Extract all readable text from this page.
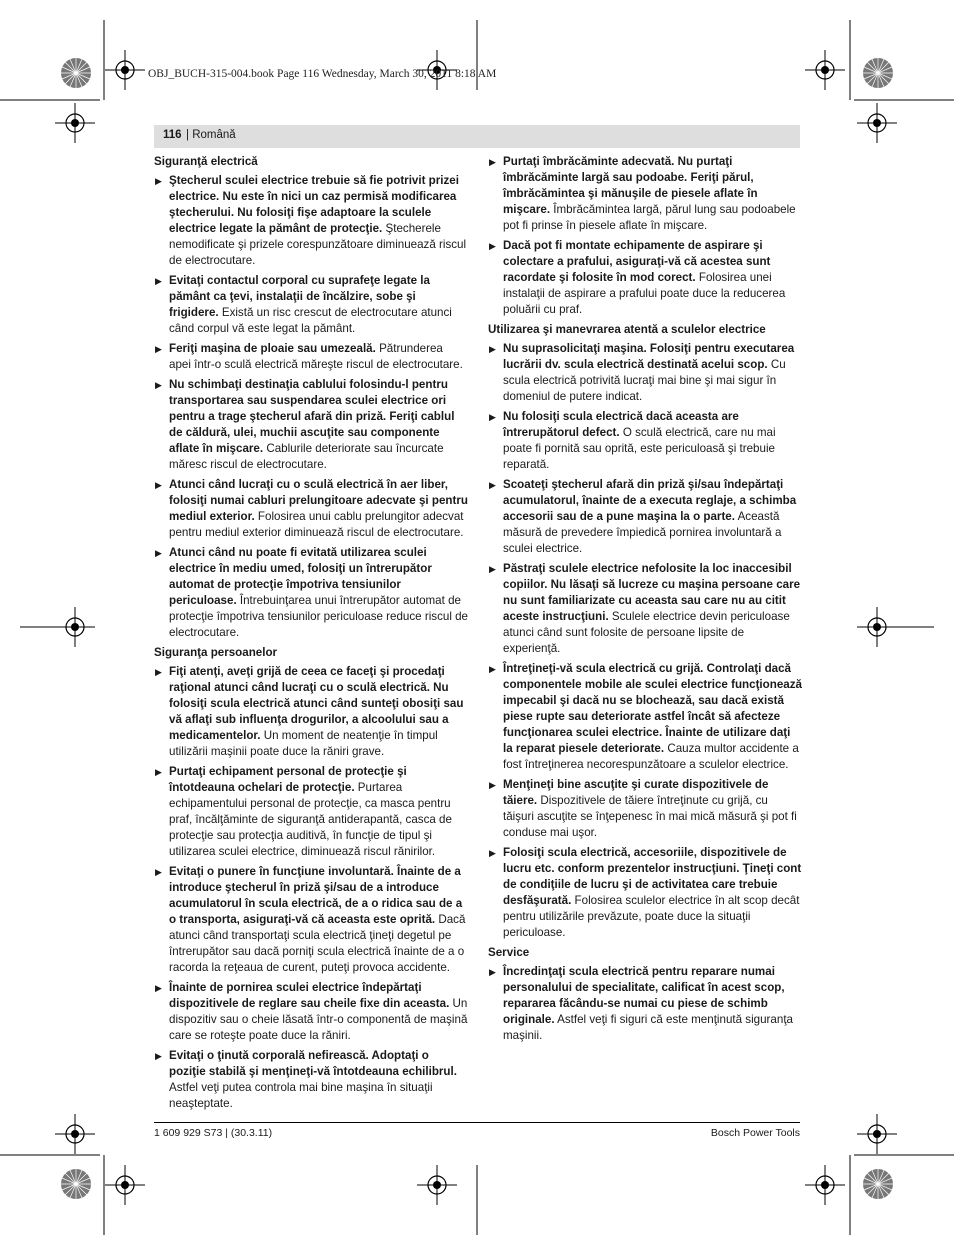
OBJ_BUCH-315-004.book Page 116 Wednesday, March 30, 2011 8:18 AM
116 | Română
Siguranţă electrică
▶ Ştecherul sculei electrice trebuie să fie potrivit prizei electrice. Nu este în nici un caz permisă modificarea ştecherului. Nu folosiţi fişe adaptoare la sculele electrice legate la pământ de protecţie. Ştecherele nemodificate şi prizele corespunzătoare diminuează riscul de electrocutare.
▶ Evitaţi contactul corporal cu suprafeţe legate la pământ ca ţevi, instalaţii de încălzire, sobe şi frigidere. Există un risc crescut de electrocutare atunci când corpul vă este legat la pământ.
▶ Feriţi maşina de ploaie sau umezeală. Pătrunderea apei într-o sculă electrică măreşte riscul de electrocutare.
▶ Nu schimbaţi destinaţia cablului folosindu-l pentru transportarea sau suspendarea sculei electrice ori pentru a trage ştecherul afară din priză. Feriţi cablul de căldură, ulei, muchii ascuţite sau componente aflate în mişcare. Cablurile deteriorate sau încurcate măresc riscul de electrocutare.
▶ Atunci când lucraţi cu o sculă electrică în aer liber, folosiţi numai cabluri prelungitoare adecvate şi pentru mediul exterior. Folosirea unui cablu prelungitor adecvat pentru mediul exterior diminuează riscul de electrocutare.
▶ Atunci când nu poate fi evitată utilizarea sculei electrice în mediu umed, folosiţi un întrerupător automat de protecţie împotriva tensiunilor periculoase. Întrebuinţarea unui întrerupător automat de protecţie împotriva tensiunilor periculoase reduce riscul de electrocutare.
Siguranţa persoanelor
▶ Fiţi atenţi, aveţi grijă de ceea ce faceţi şi procedaţi raţional atunci când lucraţi cu o sculă electrică. Nu folosiţi scula electrică atunci când sunteţi obosiţi sau vă aflaţi sub influenţa drogurilor, a alcoolului sau a medicamentelor. Un moment de neatenţie în timpul utilizării maşinii poate duce la răniri grave.
▶ Purtaţi echipament personal de protecţie şi întotdeauna ochelari de protecţie. Purtarea echipamentului personal de protecţie, ca masca pentru praf, încălţăminte de siguranţă antiderapantă, casca de protecţie sau protecţia auditivă, în funcţie de tipul şi utilizarea sculei electrice, diminuează riscul rănirilor.
▶ Evitaţi o punere în funcţiune involuntară. Înainte de a introduce ştecherul în priză şi/sau de a introduce acumulatorul în scula electrică, de a o ridica sau de a o transporta, asiguraţi-vă că aceasta este oprită. Dacă atunci când transportaţi scula electrică ţineţi degetul pe întrerupător sau dacă porniţi scula electrică înainte de a o racorda la reţeaua de curent, puteţi provoca accidente.
▶ Înainte de pornirea sculei electrice îndepărtaţi dispozitivele de reglare sau cheile fixe din aceasta. Un dispozitiv sau o cheie lăsată într-o componentă de maşină care se roteşte poate duce la răniri.
▶ Evitaţi o ţinută corporală nefirească. Adoptaţi o poziţie stabilă şi menţineţi-vă întotdeauna echilibrul. Astfel veţi putea controla mai bine maşina în situaţii neaşteptate.
▶ Purtaţi îmbrăcăminte adecvată. Nu purtaţi îmbrăcăminte largă sau podoabe. Feriţi părul, îmbrăcămintea şi mănuşile de piesele aflate în mişcare. Îmbrăcămintea largă, părul lung sau podoabele pot fi prinse în piesele aflate în mişcare.
▶ Dacă pot fi montate echipamente de aspirare şi colectare a prafului, asiguraţi-vă că acestea sunt racordate şi folosite în mod corect. Folosirea unei instalaţii de aspirare a prafului poate duce la reducerea poluării cu praf.
Utilizarea şi manevrarea atentă a sculelor electrice
▶ Nu suprasolicitaţi maşina. Folosiţi pentru executarea lucrării dv. scula electrică destinată acelui scop. Cu scula electrică potrivită lucraţi mai bine şi mai sigur în domeniul de putere indicat.
▶ Nu folosiţi scula electrică dacă aceasta are întrerupătorul defect. O sculă electrică, care nu mai poate fi pornită sau oprită, este periculoasă şi trebuie reparată.
▶ Scoateţi ştecherul afară din priză şi/sau îndepărtaţi acumulatorul, înainte de a executa reglaje, a schimba accesorii sau de a pune maşina la o parte. Această măsură de prevedere împiedică pornirea involuntară a sculei electrice.
▶ Păstraţi sculele electrice nefolosite la loc inaccesibil copiilor. Nu lăsaţi să lucreze cu maşina persoane care nu sunt familiarizate cu aceasta sau care nu au citit aceste instrucţiuni. Sculele electrice devin periculoase atunci când sunt folosite de persoane lipsite de experienţă.
▶ Întreţineţi-vă scula electrică cu grijă. Controlaţi dacă componentele mobile ale sculei electrice funcţionează impecabil şi dacă nu se blochează, sau dacă există piese rupte sau deteriorate astfel încât să afecteze funcţionarea sculei electrice. Înainte de utilizare daţi la reparat piesele deteriorate. Cauza multor accidente a fost întreţinerea necorespunzătoare a sculelor electrice.
▶ Menţineţi bine ascuţite şi curate dispozitivele de tăiere. Dispozitivele de tăiere întreţinute cu grijă, cu tăişuri ascuţite se înţepenesc în mai mică măsură şi pot fi conduse mai uşor.
▶ Folosiţi scula electrică, accesoriile, dispozitivele de lucru etc. conform prezentelor instrucţiuni. Ţineţi cont de condiţiile de lucru şi de activitatea care trebuie desfăşurată. Folosirea sculelor electrice în alt scop decât pentru utilizările prevăzute, poate duce la situaţii periculoase.
Service
▶ Încredinţaţi scula electrică pentru reparare numai personalului de specialitate, calificat în acest scop, repararea făcându-se numai cu piese de schimb originale. Astfel veţi fi siguri că este menţinută siguranţa maşinii.
1 609 929 S73 | (30.3.11)	Bosch Power Tools
